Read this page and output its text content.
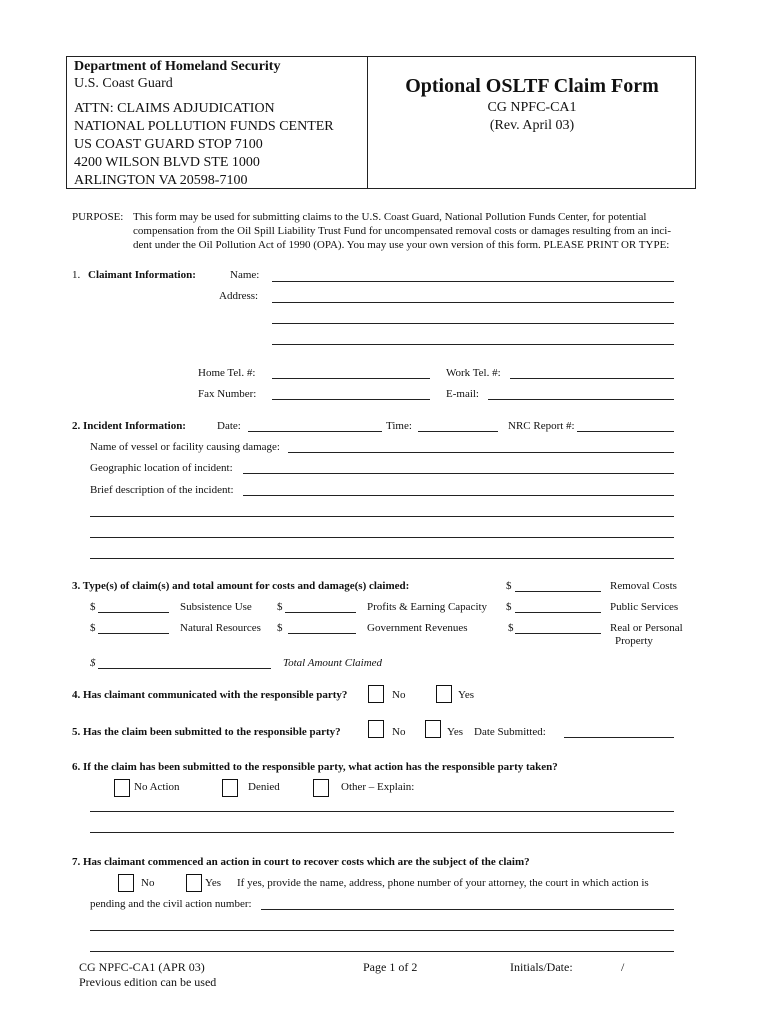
Department of Homeland Security
U.S. Coast Guard
ATTN: CLAIMS ADJUDICATION
NATIONAL POLLUTION FUNDS CENTER
US COAST GUARD STOP 7100
4200 WILSON BLVD STE 1000
ARLINGTON VA 20598-7100
Optional OSLTF Claim Form
CG NPFC-CA1
(Rev. April 03)
PURPOSE: This form may be used for submitting claims to the U.S. Coast Guard, National Pollution Funds Center, for potential
compensation from the Oil Spill Liability Trust Fund for uncompensated removal costs or damages resulting from an inci-
dent under the Oil Pollution Act of 1990 (OPA). You may use your own version of this form. PLEASE PRINT OR TYPE:
1. Claimant Information:	Name:
Address:
Home Tel. #:	Work Tel. #:
Fax Number:	E-mail:
2. Incident Information:	Date:	Time:	NRC Report #:
Name of vessel or facility causing damage:
Geographic location of incident:
Brief description of the incident:
3. Type(s) of claim(s) and total amount for costs and damage(s) claimed:	$	Removal Costs
$	Subsistence Use $	Profits & Earning Capacity $	Public Services
$	Natural Resources $	Government Revenues	$	Real or Personal
Property
$	Total Amount Claimed
4. Has claimant communicated with the responsible party?	No	Yes
5. Has the claim been submitted to the responsible party?	No	Yes Date Submitted:
6. If the claim has been submitted to the responsible party, what action has the responsible party taken?
No Action	Denied	Other – Explain:
7. Has claimant commenced an action in court to recover costs which are the subject of the claim?
No	Yes If yes, provide the name, address, phone number of your attorney, the court in which action is
pending and the civil action number:
CG NPFC-CA1 (APR 03)
Previous edition can be used
Page 1 of 2	Initials/Date:	/
